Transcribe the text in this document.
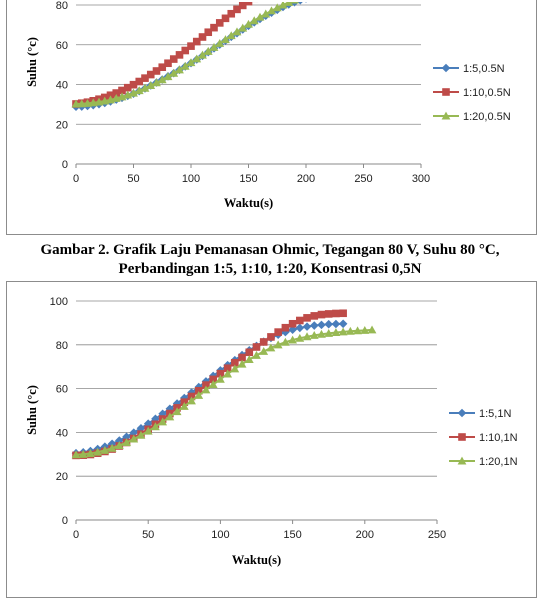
0
20
40
60
80
0	50	100	150	200	250	300
Waktu(s)
Suhu (°c)	1:5,0.5N
1:10,0.5N
1:20,0.5N
Gambar 2. Grafik Laju Pemanasan Ohmic, Tegangan 80 V, Suhu 80 °C,
Perbandingan 1:5, 1:10, 1:20, Konsentrasi 0,5N
0
20
40
60
80
100
0	50	100	150	200	250
Waktu(s)
Suhu (°c)	1:5,1N
1:10,1N
1:20,1N
